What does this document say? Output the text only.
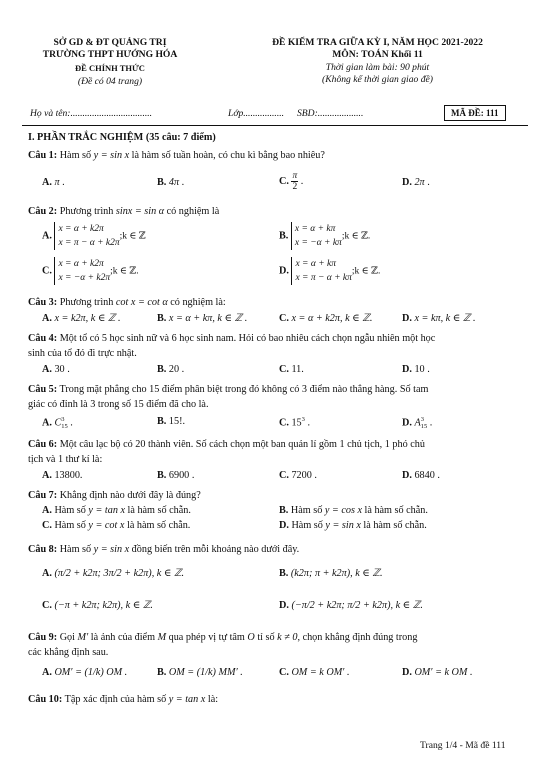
SỞ GD & ĐT QUẢNG TRỊ
TRƯỜNG THPT HƯỚNG HÓA
ĐỀ CHÍNH THỨC
(Đề có 04 trang)
ĐỀ KIỂM TRA GIỮA KỲ I, NĂM HỌC 2021-2022
MÔN: TOÁN Khối 11
Thời gian làm bài: 90 phút
(Không kể thời gian giao đề)
Họ và tên:..................................	Lớp................. SBD:...................	MÃ ĐỀ: 111
I. PHẦN TRẮC NGHIỆM (35 câu: 7 điểm)
Câu 1: Hàm số y = sin x là hàm số tuần hoàn, có chu kì bằng bao nhiêu?
A. π .	B. 4π .	C. $\frac{\pi}{2}$ .	D. 2π .
Câu 2: Phương trình sinx = sin α có nghiệm là
A. x = α + k2π
x = π − α + k2π;k ∈ ℤ	B. x = α + kπ
x = −α + kπ;k ∈ ℤ.
C. x = α + k2π
x = −α + k2π;k ∈ ℤ.	D. x = α + kπ
x = π − α + kπ;k ∈ ℤ.
Câu 3: Phương trình cot x = cot α có nghiệm là:
A. x = k2π, k ∈ ℤ .	B. x = α + kπ, k ∈ ℤ .	C. x = α + k2π, k ∈ ℤ.	D. x = kπ, k ∈ ℤ .
Câu 4: Một tổ có 5 học sinh nữ và 6 học sinh nam. Hỏi có bao nhiêu cách chọn ngẫu nhiên một học
sinh của tổ đó đi trực nhật.
A. 30 .	B. 20 .	C. 11.	D. 10 .
Câu 5: Trong mặt phẳng cho 15 điểm phân biệt trong đó không có 3 điểm nào thẳng hàng. Số tam
giác có đỉnh là 3 trong số 15 điểm đã cho là.
A. C3
15 .	B. 15!.	C. $15^3$ .	D. A3
15 .
Câu 6: Một câu lạc bộ có 20 thành viên. Số cách chọn một ban quản lí gồm 1 chủ tịch, 1 phó chủ
tịch và 1 thư kí là:
A. 13800.	B. 6900 .	C. 7200 .	D. 6840 .
Câu 7: Khẳng định nào dưới đây là đúng?
A. Hàm số y = tan x là hàm số chẵn.	B. Hàm số y = cos x là hàm số chẵn.
C. Hàm số y = cot x là hàm số chẵn.	D. Hàm số y = sin x là hàm số chẵn.
Câu 8: Hàm số y = sin x đồng biến trên mỗi khoảng nào dưới đây.
A. (π/2 + k2π; 3π/2 + k2π), k ∈ ℤ.	B. (k2π; π + k2π), k ∈ ℤ.
C. (−π + k2π; k2π), k ∈ ℤ.	D. (−π/2 + k2π; π/2 + k2π), k ∈ ℤ.
Câu 9: Gọi M′ là ảnh của điểm M qua phép vị tự tâm O tỉ số k ≠ 0, chọn khẳng định đúng trong
các khẳng định sau.
A. OM′ = (1/k) OM .	B. OM = (1/k) MM′ .	C. OM = k OM′ .	D. OM′ = k OM .
Câu 10: Tập xác định của hàm số y = tan x là:
Trang 1/4 - Mã đề 111
